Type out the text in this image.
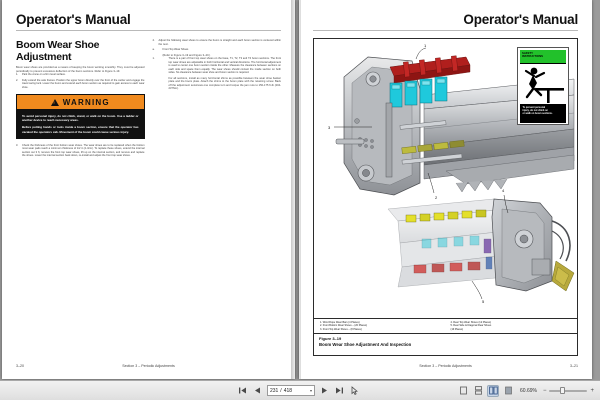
Operator's Manual
Boom Wear Shoe Adjustment
Boom wear shoes are provided as a means of keeping the boom working smoothly. They must be adjusted periodically to prevent excessive deflection of the boom sections. Refer to Figure 3–19.
1. Park the crane on a firm level surface.
2. Fully extend the axle frames. Position the upper boom directly over the front of the carrier and engage the travel swing lock. Lower the boom and extend each boom section as required to gain access to each wear shoe.
!
WARNING

To avoid personal injury, do not climb, stand, or walk on the boom. Use a ladder or another device to reach necessary areas.

Before putting hands or tools inside a boom section, ensure that the operator has vacated the operators cab. Movement of the boom could cause serious injury.

3. Check the thickness of the front bottom wear shoes. The wear shoes are to be replaced when the bottom most wear pads reach a minimum thickness of 1/2 in (1.3cm). To replace these shoes, extend the internal section out 3 ft, remove the front top wear shoes, lift up on the internal section, and remove and replace the shoes. Lower the internal section back down, re-install and adjust the front top wear shoes.
4. Adjust the following wear shoes to ensure the boom is straight and each boom section is centered within the next.
a.	Front Top Wear Shoes
(Refer to Figure 3–19 and Figure 3–20.)
1.	There is a pair of front top wear shoes on the base, T1, T2, T3 and T4 boom sections. The front top wear shoes are adjustable in both horizontal and vertical directions. The horizontal adjustment is used to center one boom section inside the other. Measure the clearance between sections on each side and space them equally. The wear shoes should contact the inside section on both sides. No clearance between wear shoe and boom section is required.
For all sections, install as many horizontal shims as possible between the wear shoe backer plate and the boom plate. Attach the shims to the boom plate with the retaining screw. Back off the adjustment setscrews one complete turn and torque the jam nuts to 150-175 ft-lb (204-237Nm).
3–20	Section 3 – Periodic Adjustments
Operator's Manual
1
3
2
SAFETY
INSTRUCTIONS
To prevent personal
injury, do not climb on
or walk on boom sections.
4
5
1. Wind Rope Wear Bars (4 Places)
2. Front Bottom Wear Shoes – (20 Places)
3. Front Top Wear Shoes – (8 Places)
4. Rear Top Wear Shoes (12 Places)
5. Rear Side & Diagonal Rear Shoes
(16 Places)
Figure 3–19
Boom Wear Shoe Adjustment And Inspection
Section 3 – Periodic Adjustments	3–21
231 / 418	▾	60.69%	−	+
